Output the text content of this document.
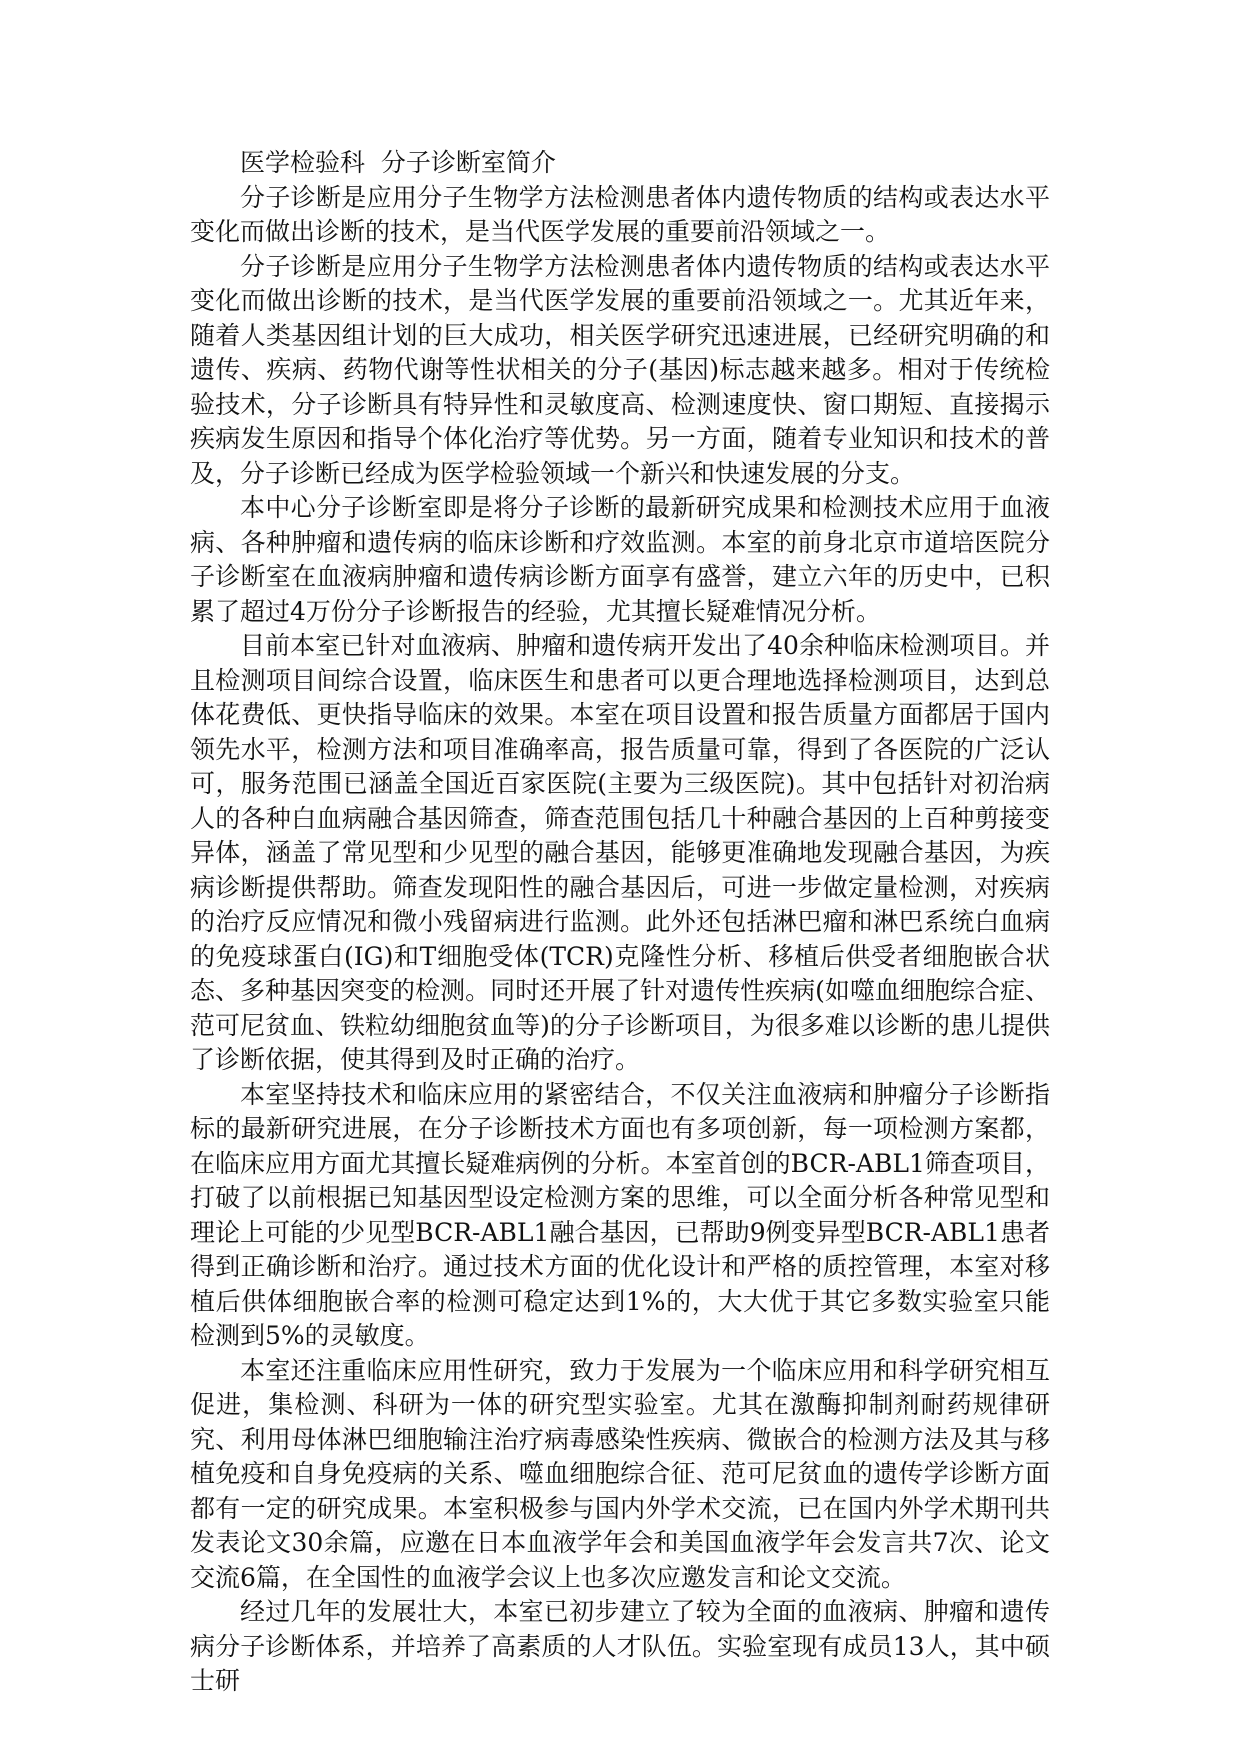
医学检验科  分子诊断室简介

分子诊断是应用分子生物学方法检测患者体内遗传物质的结构或表达水平变化而做出诊断的技术，是当代医学发展的重要前沿领域之一。

分子诊断是应用分子生物学方法检测患者体内遗传物质的结构或表达水平变化而做出诊断的技术，是当代医学发展的重要前沿领域之一。尤其近年来，随着人类基因组计划的巨大成功，相关医学研究迅速进展，已经研究明确的和遗传、疾病、药物代谢等性状相关的分子(基因)标志越来越多。相对于传统检验技术，分子诊断具有特异性和灵敏度高、检测速度快、窗口期短、直接揭示疾病发生原因和指导个体化治疗等优势。另一方面，随着专业知识和技术的普及，分子诊断已经成为医学检验领域一个新兴和快速发展的分支。

本中心分子诊断室即是将分子诊断的最新研究成果和检测技术应用于血液病、各种肿瘤和遗传病的临床诊断和疗效监测。本室的前身北京市道培医院分子诊断室在血液病肿瘤和遗传病诊断方面享有盛誉，建立六年的历史中，已积累了超过4万份分子诊断报告的经验，尤其擅长疑难情况分析。

目前本室已针对血液病、肿瘤和遗传病开发出了40余种临床检测项目。并且检测项目间综合设置，临床医生和患者可以更合理地选择检测项目，达到总体花费低、更快指导临床的效果。本室在项目设置和报告质量方面都居于国内领先水平，检测方法和项目准确率高，报告质量可靠，得到了各医院的广泛认可，服务范围已涵盖全国近百家医院(主要为三级医院)。其中包括针对初治病人的各种白血病融合基因筛查，筛查范围包括几十种融合基因的上百种剪接变异体，涵盖了常见型和少见型的融合基因，能够更准确地发现融合基因，为疾病诊断提供帮助。筛查发现阳性的融合基因后，可进一步做定量检测，对疾病的治疗反应情况和微小残留病进行监测。此外还包括淋巴瘤和淋巴系统白血病的免疫球蛋白(IG)和T细胞受体(TCR)克隆性分析、移植后供受者细胞嵌合状态、多种基因突变的检测。同时还开展了针对遗传性疾病(如噬血细胞综合症、范可尼贫血、铁粒幼细胞贫血等)的分子诊断项目，为很多难以诊断的患儿提供了诊断依据，使其得到及时正确的治疗。

本室坚持技术和临床应用的紧密结合，不仅关注血液病和肿瘤分子诊断指标的最新研究进展，在分子诊断技术方面也有多项创新，每一项检测方案都，在临床应用方面尤其擅长疑难病例的分析。本室首创的BCR-ABL1筛查项目，打破了以前根据已知基因型设定检测方案的思维，可以全面分析各种常见型和理论上可能的少见型BCR-ABL1融合基因，已帮助9例变异型BCR-ABL1患者得到正确诊断和治疗。通过技术方面的优化设计和严格的质控管理，本室对移植后供体细胞嵌合率的检测可稳定达到1%的，大大优于其它多数实验室只能检测到5%的灵敏度。

本室还注重临床应用性研究，致力于发展为一个临床应用和科学研究相互促进，集检测、科研为一体的研究型实验室。尤其在激酶抑制剂耐药规律研究、利用母体淋巴细胞输注治疗病毒感染性疾病、微嵌合的检测方法及其与移植免疫和自身免疫病的关系、噬血细胞综合征、范可尼贫血的遗传学诊断方面都有一定的研究成果。本室积极参与国内外学术交流，已在国内外学术期刊共发表论文30余篇，应邀在日本血液学年会和美国血液学年会发言共7次、论文交流6篇，在全国性的血液学会议上也多次应邀发言和论文交流。

经过几年的发展壮大，本室已初步建立了较为全面的血液病、肿瘤和遗传病分子诊断体系，并培养了高素质的人才队伍。实验室现有成员13人，其中硕士研
